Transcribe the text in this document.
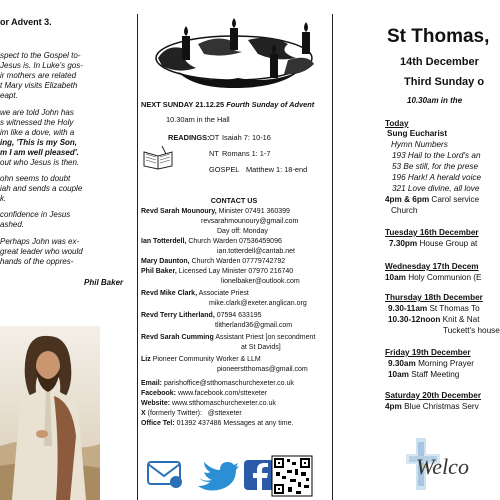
or Advent 3.
spect to the Gospel to-
Jesus is. In Luke's gos-
ir mothers are related
t Mary visits Elizabeth
eapt.
we are told John has
s witnessed the Holy
im like a dove, with a
ing, 'This is my Son,
m I am well pleased'.
out who Jesus is then.
ohn seems to doubt
iah and sends a couple
k.
confidence in Jesus
ashed.
Perhaps John was ex-
great leader who would
hands of the oppres-
Phil Baker
NEXT SUNDAY 21.12.25 Fourth Sunday of Advent
10.30am in the Hall
READINGS: OT Isaiah 7: 10-16
NT Romans 1: 1-7
GOSPEL Matthew 1: 18-end
CONTACT US
Revd Sarah Mounoury, Minister 07491 360399
revsarahmounoury@gmail.com
Day off: Monday
Ian Totterdell, Church Warden 07536459096
ian.totterdell@cantab.net
Mary Daunton, Church Warden 07779742792
Phil Baker, Licensed Lay Minister 07970 216740
lionelbaker@outlook.com
Revd Mike Clark, Associate Priest
mike.clark@exeter.anglican.org
Revd Terry Litherland, 07594 633195
tlitherland36@gmail.com
Revd Sarah Cumming Assistant Priest [on secondment
at St Davids]
Liz Pioneer Community Worker & LLM
pioneerstthomas@gmail.com
Email: parishoffice@stthomaschurchexeter.co.uk
Facebook: www.facebook.com/sttexeter
Website: www.stthomaschurchexeter.co.uk
X (formerly Twitter): @sttexeter
Office Tel: 01392 437486 Messages at any time.
St Thomas,
14th December
Third Sunday o
10.30am in the
Today
Sung Eucharist
Hymn Numbers
193 Hail to the Lord's an
53 Be still, for the prese
196 Hark! A herald voice
321 Love divine, all love
4pm & 6pm Carol service
Church
Tuesday 16th December
7.30pm House Group at
Wednesday 17th Decem
10am Holy Communion (E
Thursday 18th December
9.30-11am St Thomas To
10.30-12noon Knit & Nat
Tuckett's house
Friday 19th December
9.30am Morning Prayer
10am Staff Meeting
Saturday 20th December
4pm Blue Christmas Serv
Welco
